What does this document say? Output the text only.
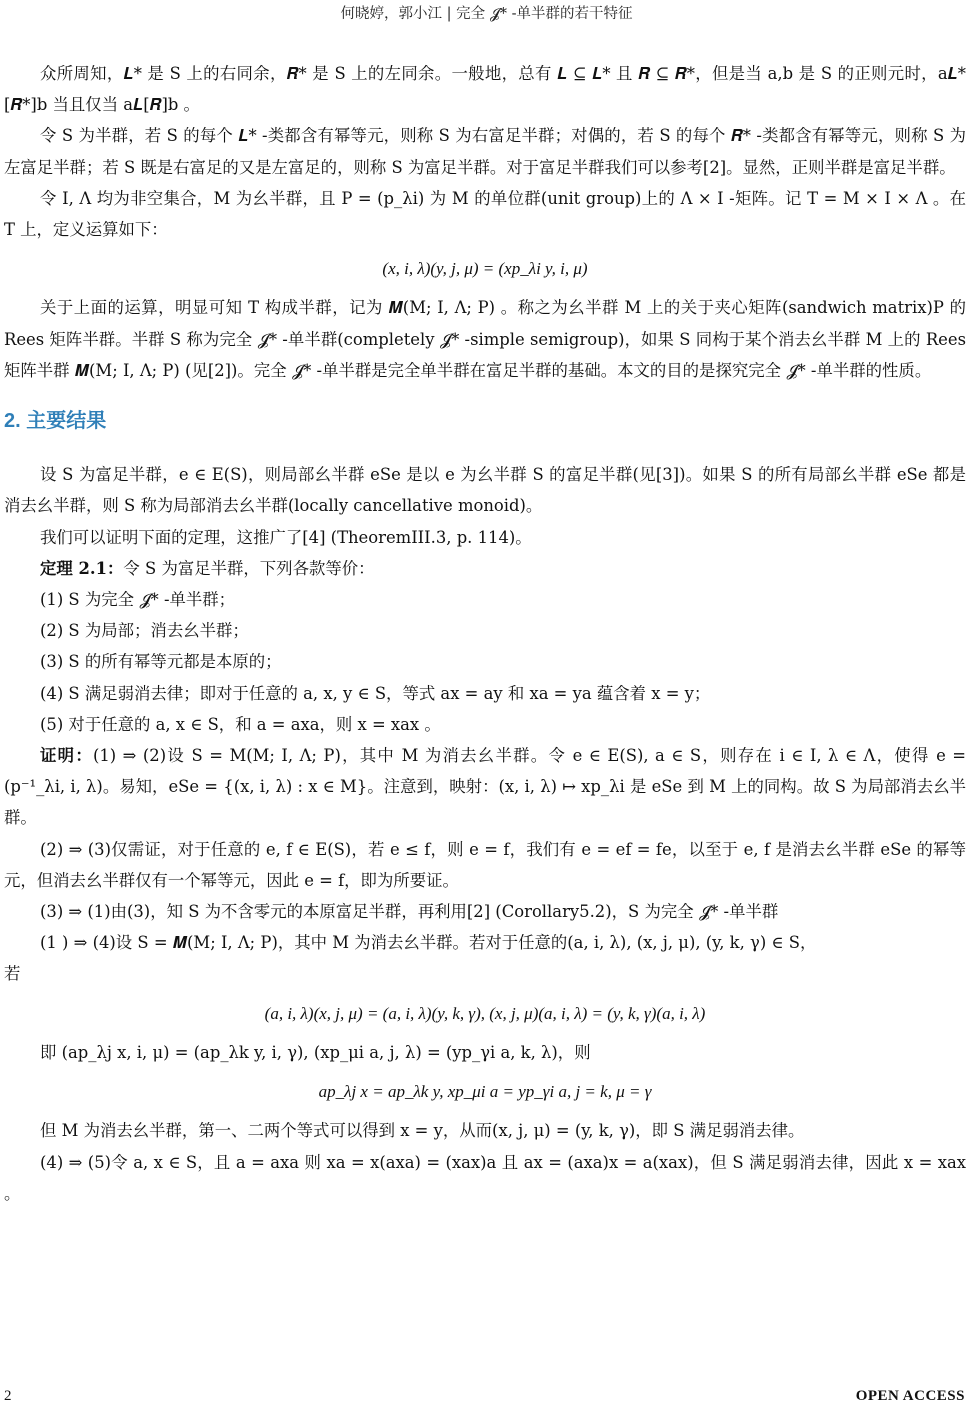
何晓婷，郭小江 | 完全 𝓙* -单半群的若干特征

众所周知，𝑳* 是 S 上的右同余，𝑹* 是 S 上的左同余。一般地，总有 𝑳 ⊆ 𝑳* 且 𝑹 ⊆ 𝑹*，但是当 a,b 是 S 的正则元时，a𝑳*[𝑹*]b 当且仅当 a𝑳[𝑹]b 。

令 S 为半群，若 S 的每个 𝑳* -类都含有幂等元，则称 S 为右富足半群；对偶的，若 S 的每个 𝑹* -类都含有幂等元，则称 S 为左富足半群；若 S 既是右富足的又是左富足的，则称 S 为富足半群。对于富足半群我们可以参考[2]。显然，正则半群是富足半群。

令 I, Λ 均为非空集合，M 为幺半群，且 P = (p_λi) 为 M 的单位群(unit group)上的 Λ × I -矩阵。记 T = M × I × Λ 。在 T 上，定义运算如下：

(x, i, λ)(y, j, μ) = (xp_λi y, i, μ)

关于上面的运算，明显可知 T 构成半群，记为 𝑴(M; I, Λ; P) 。称之为幺半群 M 上的关于夹心矩阵(sandwich matrix)P 的 Rees 矩阵半群。半群 S 称为完全 𝓙* -单半群(completely 𝓙* -simple semigroup)，如果 S 同构于某个消去幺半群 M 上的 Rees 矩阵半群 𝑴(M; I, Λ; P) (见[2])。完全 𝓙* -单半群是完全单半群在富足半群的基础。本文的目的是探究完全 𝓙* -单半群的性质。

2. 主要结果

设 S 为富足半群，e ∈ E(S)，则局部幺半群 eSe 是以 e 为幺半群 S 的富足半群(见[3])。如果 S 的所有局部幺半群 eSe 都是消去幺半群，则 S 称为局部消去幺半群(locally cancellative monoid)。

我们可以证明下面的定理，这推广了[4] (TheoremIII.3, p. 114)。

定理 2.1：令 S 为富足半群，下列各款等价：

(1) S 为完全 𝓙* -单半群；

(2) S 为局部；消去幺半群；

(3) S 的所有幂等元都是本原的；

(4) S 满足弱消去律；即对于任意的 a, x, y ∈ S，等式 ax = ay 和 xa = ya 蕴含着 x = y；

(5) 对于任意的 a, x ∈ S，和 a = axa，则 x = xax 。

证明：(1) ⇒ (2)设 S = M(M; I, Λ; P)，其中 M 为消去幺半群。令 e ∈ E(S), a ∈ S，则存在 i ∈ I, λ ∈ Λ，使得 e = (p⁻¹_λi, i, λ)。易知，eSe = {(x, i, λ) : x ∈ M}。注意到，映射：(x, i, λ) ↦ xp_λi 是 eSe 到 M 上的同构。故 S 为局部消去幺半群。

(2) ⇒ (3)仅需证，对于任意的 e, f ∈ E(S)，若 e ≤ f，则 e = f，我们有 e = ef = fe，以至于 e, f 是消去幺半群 eSe 的幂等元，但消去幺半群仅有一个幂等元，因此 e = f，即为所要证。

(3) ⇒ (1)由(3)，知 S 为不含零元的本原富足半群，再利用[2] (Corollary5.2)，S 为完全 𝓙* -单半群

(1 ) ⇒ (4)设 S = 𝑴(M; I, Λ; P)，其中 M 为消去幺半群。若对于任意的(a, i, λ), (x, j, μ), (y, k, γ) ∈ S，

若

(a, i, λ)(x, j, μ) = (a, i, λ)(y, k, γ), (x, j, μ)(a, i, λ) = (y, k, γ)(a, i, λ)

即 (ap_λj x, i, μ) = (ap_λk y, i, γ), (xp_μi a, j, λ) = (yp_γi a, k, λ)，则

ap_λj x = ap_λk y, xp_μi a = yp_γi a, j = k, μ = γ

但 M 为消去幺半群，第一、二两个等式可以得到 x = y，从而(x, j, μ) = (y, k, γ)，即 S 满足弱消去律。

(4) ⇒ (5)令 a, x ∈ S，且 a = axa 则 xa = x(axa) = (xax)a 且 ax = (axa)x = a(xax)，但 S 满足弱消去律，因此 x = xax 。

2	OPEN ACCESS
